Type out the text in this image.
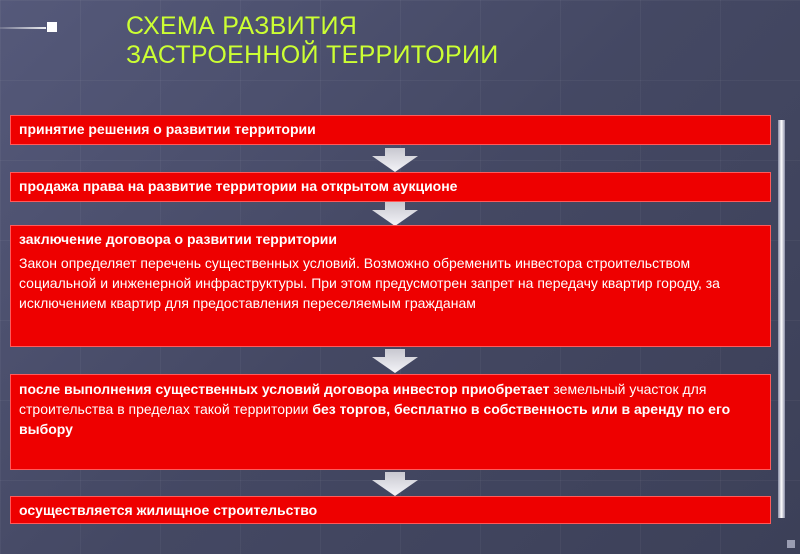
СХЕМА РАЗВИТИЯ
ЗАСТРОЕННОЙ ТЕРРИТОРИИ
принятие решения о развитии территории
продажа права на развитие территории на открытом аукционе
заключение договора о развитии территории
Закон определяет перечень существенных условий. Возможно обременить инвестора строительством социальной и инженерной инфраструктуры. При этом предусмотрен запрет на передачу квартир городу, за исключением квартир для предоставления переселяемым гражданам
после выполнения существенных условий договора инвестор приобретает земельный участок для строительства в пределах такой территории без торгов, бесплатно в собственность или в аренду по его выбору
осуществляется жилищное строительство
